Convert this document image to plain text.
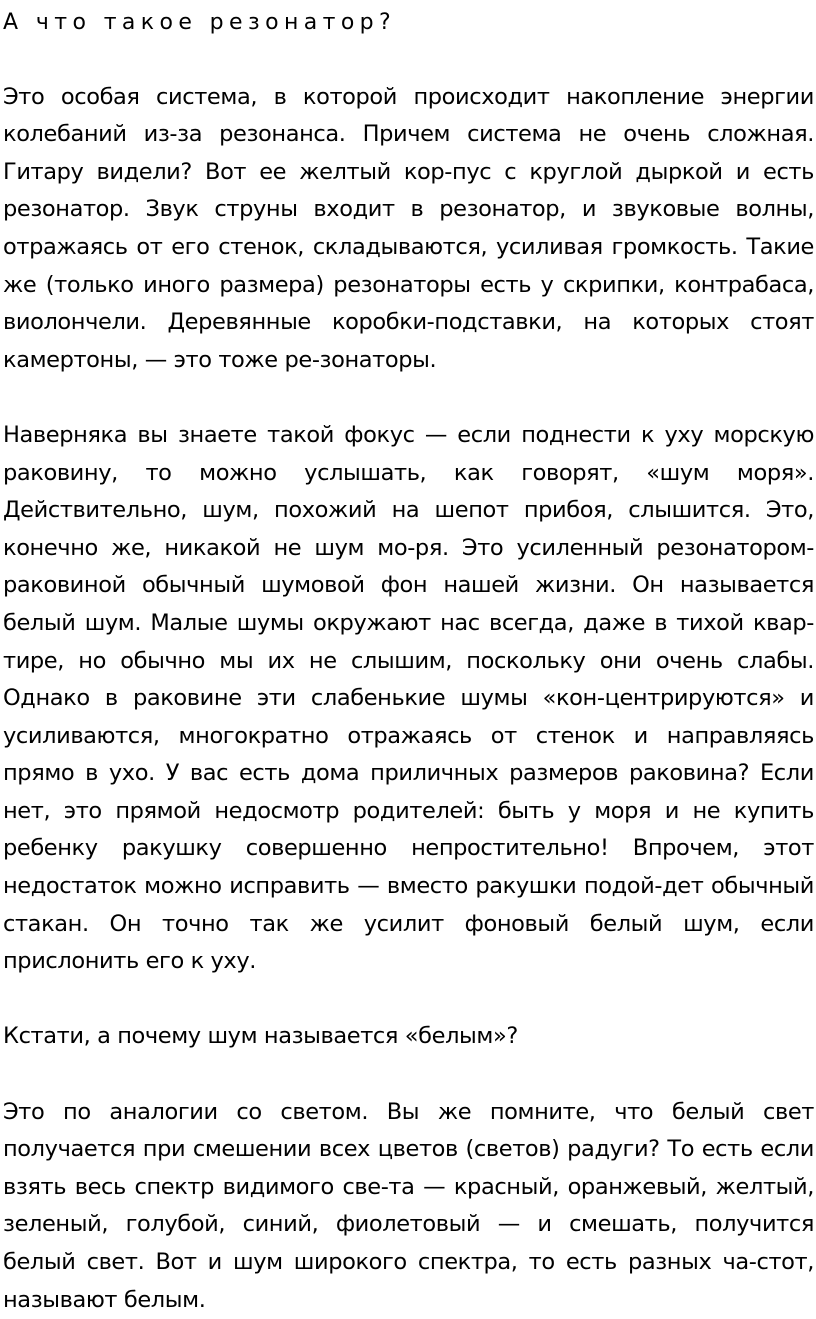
А что такое резонатор?

Это особая система, в которой происходит накопление энергии колебаний из-за резонанса. Причем система не очень сложная. Гитару видели? Вот ее желтый кор-пус с круглой дыркой и есть резонатор. Звук струны входит в резонатор, и звуковые волны, отражаясь от его стенок, складываются, усиливая громкость. Такие же (только иного размера) резонаторы есть у скрипки, контрабаса, виолончели. Деревянные коробки-подставки, на которых стоят камертоны, — это тоже ре-зонаторы.

Наверняка вы знаете такой фокус — если поднести к уху морскую раковину, то можно услышать, как говорят, «шум моря». Действительно, шум, похожий на шепот прибоя, слышится. Это, конечно же, никакой не шум мо-ря. Это усиленный резонатором-раковиной обычный шумовой фон нашей жизни. Он называется белый шум. Малые шумы окружают нас всегда, даже в тихой квар-тире, но обычно мы их не слышим, поскольку они очень слабы. Однако в раковине эти слабенькие шумы «кон-центрируются» и усиливаются, многократно отражаясь от стенок и направляясь прямо в ухо. У вас есть дома приличных размеров раковина? Если нет, это прямой недосмотр родителей: быть у моря и не купить ребенку ракушку совершенно непростительно! Впрочем, этот недостаток можно исправить — вместо ракушки подой-дет обычный стакан. Он точно так же усилит фоновый белый шум, если прислонить его к уху.

Кстати, а почему шум называется «белым»?

Это по аналогии со светом. Вы же помните, что белый свет получается при смешении всех цветов (светов) радуги? То есть если взять весь спектр видимого све-та — красный, оранжевый, желтый, зеленый, голубой, синий, фиолетовый — и смешать, получится белый свет. Вот и шум широкого спектра, то есть разных ча-стот, называют белым.
